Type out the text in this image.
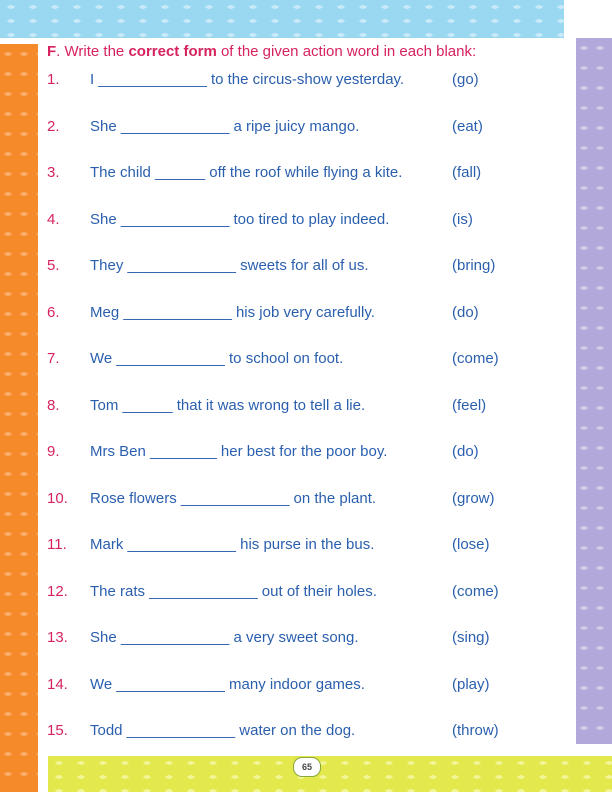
F. Write the correct form of the given action word in each blank:
1. I _____________ to the circus-show yesterday.	(go)
2. She _____________ a ripe juicy mango.	(eat)
3. The child ______ off the roof while flying a kite.	(fall)
4. She _____________ too tired to play indeed.	(is)
5. They _____________ sweets for all of us.	(bring)
6. Meg _____________ his job very carefully.	(do)
7. We _____________ to school on foot.	(come)
8. Tom ______ that it was wrong to tell a lie.	(feel)
9. Mrs Ben ________ her best for the poor boy.	(do)
10. Rose flowers _____________ on the plant.	(grow)
11. Mark _____________ his purse in the bus.	(lose)
12. The rats _____________ out of their holes.	(come)
13. She _____________ a very sweet song.	(sing)
14. We _____________ many indoor games.	(play)
15. Todd _____________ water on the dog.	(throw)
65
